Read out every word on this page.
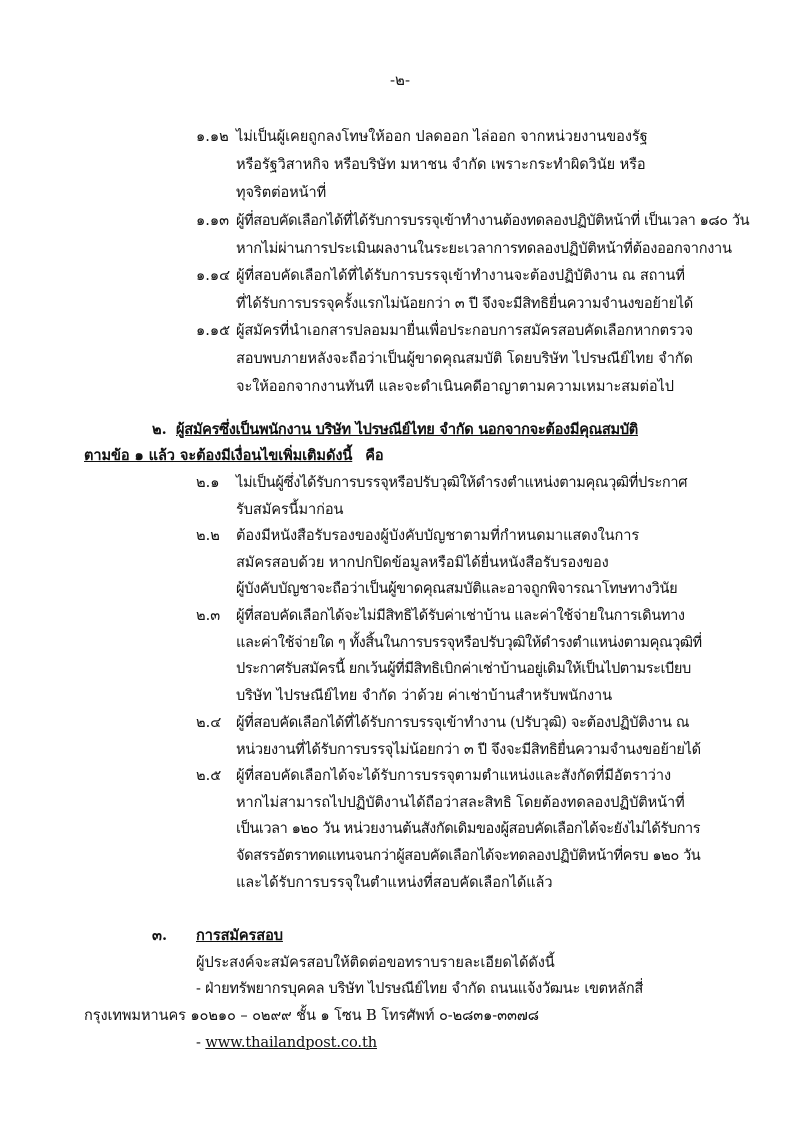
-๒-
๑.๑๒ ไม่เป็นผู้เคยถูกลงโทษให้ออก ปลดออก ไล่ออก จากหน่วยงานของรัฐ
หรือรัฐวิสาหกิจ หรือบริษัท มหาชน จำกัด เพราะกระทำผิดวินัย หรือ
ทุจริตต่อหน้าที่
๑.๑๓ ผู้ที่สอบคัดเลือกได้ที่ได้รับการบรรจุเข้าทำงานต้องทดลองปฏิบัติหน้าที่ เป็นเวลา ๑๘๐ วัน
หากไม่ผ่านการประเมินผลงานในระยะเวลาการทดลองปฏิบัติหน้าที่ต้องออกจากงาน
๑.๑๔ ผู้ที่สอบคัดเลือกได้ที่ได้รับการบรรจุเข้าทำงานจะต้องปฏิบัติงาน ณ สถานที่
ที่ได้รับการบรรจุครั้งแรกไม่น้อยกว่า ๓ ปี จึงจะมีสิทธิยื่นความจำนงขอย้ายได้
๑.๑๕ ผู้สมัครที่นำเอกสารปลอมมายื่นเพื่อประกอบการสมัครสอบคัดเลือกหากตรวจ
สอบพบภายหลังจะถือว่าเป็นผู้ขาดคุณสมบัติ โดยบริษัท ไปรษณีย์ไทย จำกัด
จะให้ออกจากงานทันที และจะดำเนินคดีอาญาตามความเหมาะสมต่อไป
๒. ผู้สมัครซึ่งเป็นพนักงาน บริษัท ไปรษณีย์ไทย จำกัด นอกจากจะต้องมีคุณสมบัติ
ตามข้อ ๑ แล้ว จะต้องมีเงื่อนไขเพิ่มเติมดังนี้ คือ
๒.๑ ไม่เป็นผู้ซึ่งได้รับการบรรจุหรือปรับวุฒิให้ดำรงตำแหน่งตามคุณวุฒิที่ประกาศ
รับสมัครนี้มาก่อน
๒.๒ ต้องมีหนังสือรับรองของผู้บังคับบัญชาตามที่กำหนดมาแสดงในการ
สมัครสอบด้วย หากปกปิดข้อมูลหรือมิได้ยื่นหนังสือรับรองของ
ผู้บังคับบัญชาจะถือว่าเป็นผู้ขาดคุณสมบัติและอาจถูกพิจารณาโทษทางวินัย
๒.๓ ผู้ที่สอบคัดเลือกได้จะไม่มีสิทธิได้รับค่าเช่าบ้าน และค่าใช้จ่ายในการเดินทาง
และค่าใช้จ่ายใด ๆ ทั้งสิ้นในการบรรจุหรือปรับวุฒิให้ดำรงตำแหน่งตามคุณวุฒิที่
ประกาศรับสมัครนี้ ยกเว้นผู้ที่มีสิทธิเบิกค่าเช่าบ้านอยู่เดิมให้เป็นไปตามระเบียบ
บริษัท ไปรษณีย์ไทย จำกัด ว่าด้วย ค่าเช่าบ้านสำหรับพนักงาน
๒.๔ ผู้ที่สอบคัดเลือกได้ที่ได้รับการบรรจุเข้าทำงาน (ปรับวุฒิ) จะต้องปฏิบัติงาน ณ
หน่วยงานที่ได้รับการบรรจุไม่น้อยกว่า ๓ ปี จึงจะมีสิทธิยื่นความจำนงขอย้ายได้
๒.๕ ผู้ที่สอบคัดเลือกได้จะได้รับการบรรจุตามตำแหน่งและสังกัดที่มีอัตราว่าง
หากไม่สามารถไปปฏิบัติงานได้ถือว่าสละสิทธิ โดยต้องทดลองปฏิบัติหน้าที่
เป็นเวลา ๑๒๐ วัน หน่วยงานต้นสังกัดเดิมของผู้สอบคัดเลือกได้จะยังไม่ได้รับการ
จัดสรรอัตราทดแทนจนกว่าผู้สอบคัดเลือกได้จะทดลองปฏิบัติหน้าที่ครบ ๑๒๐ วัน
และได้รับการบรรจุในตำแหน่งที่สอบคัดเลือกได้แล้ว
๓. การสมัครสอบ
ผู้ประสงค์จะสมัครสอบให้ติดต่อขอทราบรายละเอียดได้ดังนี้
- ฝ่ายทรัพยากรบุคคล บริษัท ไปรษณีย์ไทย จำกัด ถนนแจ้งวัฒนะ เขตหลักสี่
กรุงเทพมหานคร ๑๐๒๑๐ – ๐๒๙๙ ชั้น ๑ โซน B โทรศัพท์ ๐-๒๘๓๑-๓๓๗๘
- www.thailandpost.co.th
